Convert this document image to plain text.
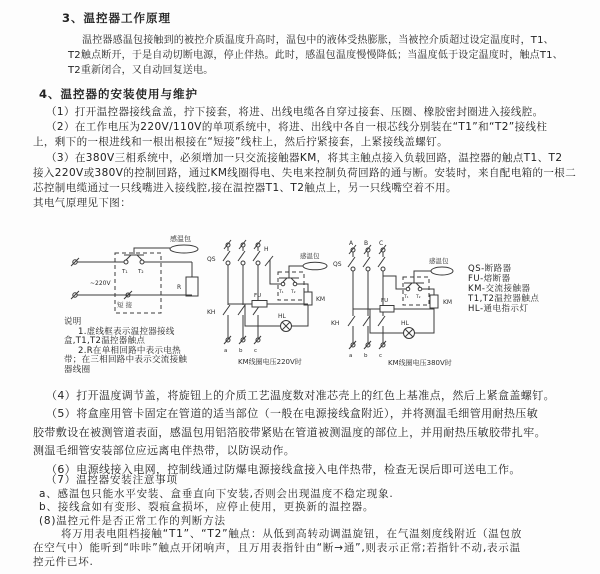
3、温控器工作原理
温控器感温包接触到的被控介质温度升高时，温包中的液体受热膨胀，当被控介质超过设定温度时，T1、
T2触点断开，于是自动切断电源，停止伴热。此时，感温包温度慢慢降低；当温度低于设定温度时，触点T1、
T2重新闭合，又自动回复送电。
4、温控器的安装使用与维护
（1）打开温控器接线盒盖，拧下接套，将进、出线电缆各自穿过接套、压圈、橡胶密封圈进入接线腔。
（2）在工作电压为220V/110V的单项系统中，将进、出线中各自一根芯线分别装在“T1”和“T2”接线柱
上，剩下的一根进线和一根出根接在“短接”线柱上，然后拧紧接套，上紧接线盖螺钉。
（3）在380V三相系统中，必须增加一只交流接触器KM，将其主触点接入负载回路，温控器的触点T1、T2
接入220V或380V的控制回路，通过KM线圈得电、失电来控制负荷回路的通与断。安装时，来自配电箱的一根二
芯控制电缆通过一只线嘴进入接线腔,接在温控器T1、T2触点上，另一只线嘴空着不用。
其电气原理见下图：
感温包
T₁ T₂
R
~220V
短 接
QS
KH
a b c
H
T₁ T₂
感温包
KM
FU
HL
KM线圈电压220V时
A B C
QS
KH
a b c
T₁ T₂
感温包
KM
FU
HL
KM线圈电压380V时
QS-断路器
FU-熔断器
KM-交流接触器
T1,T2温控器触点
HL-通电指示灯
说明
1.虚线框表示温控器接线
盒,T1,T2温控器触点
2.R在单相回路中表示电热
带；在三相回路中表示交流接触
器线圈
（4）打开温度调节盖，将旋钮上的介质工艺温度数对准芯壳上的红色上基准点，然后上紧盒盖螺钉。
（5）将盒座用管卡固定在管道的适当部位（一般在电源接线盒附近），并将测温毛细管用耐热压敏
胶带敷设在被测管道表面，感温包用铝箔胶带紧贴在管道被测温度的部位上，并用耐热压敏胶带扎牢。
测温毛细管安装部位应远离电伴热带，以防误动作。
（6）电源线接入电网，控制线通过防爆电源接线盒接入电伴热带，检查无误后即可送电工作。
（7）温控器安装注意事项
a、感温包只能水平安装、盒垂直向下安装,否则会出现温度不稳定现象.
b、接线盒如有变形、裂痕盒损坏，应停止使用，更换新的温控器。
(8)温控元件是否正常工作的判断方法
将万用表电阻档接触“T1”、“T2”触点：从低到高转动调温旋钮，在气温刻度线附近（温包放
在空气中）能听到“咔咔”触点开闭响声，且万用表指针由“断→通”,则表示正常;若指针不动,表示温
控元件已坏.
